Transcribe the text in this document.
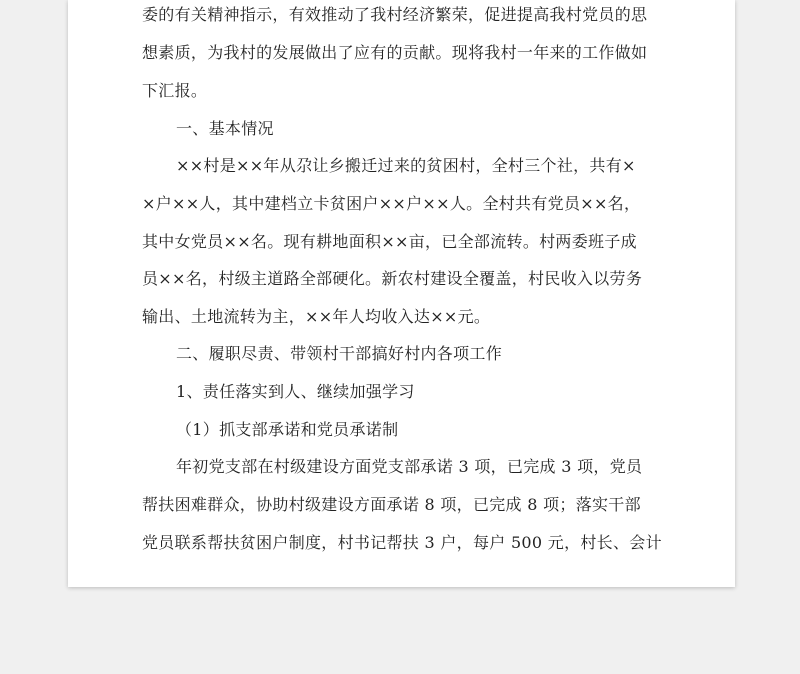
委的有关精神指示，有效推动了我村经济繁荣，促进提高我村党员的思
想素质，为我村的发展做出了应有的贡献。现将我村一年来的工作做如
下汇报。
一、基本情况
××村是××年从尕让乡搬迁过来的贫困村，全村三个社，共有×
×户××人，其中建档立卡贫困户××户××人。全村共有党员××名，
其中女党员××名。现有耕地面积××亩，已全部流转。村两委班子成
员××名，村级主道路全部硬化。新农村建设全覆盖，村民收入以劳务
输出、土地流转为主，××年人均收入达××元。
二、履职尽责、带领村干部搞好村内各项工作
1、责任落实到人、继续加强学习
（1）抓支部承诺和党员承诺制
年初党支部在村级建设方面党支部承诺 3 项，已完成 3 项，党员
帮扶困难群众，协助村级建设方面承诺 8 项，已完成 8 项；落实干部
党员联系帮扶贫困户制度，村书记帮扶 3 户，每户 500 元，村长、会计
